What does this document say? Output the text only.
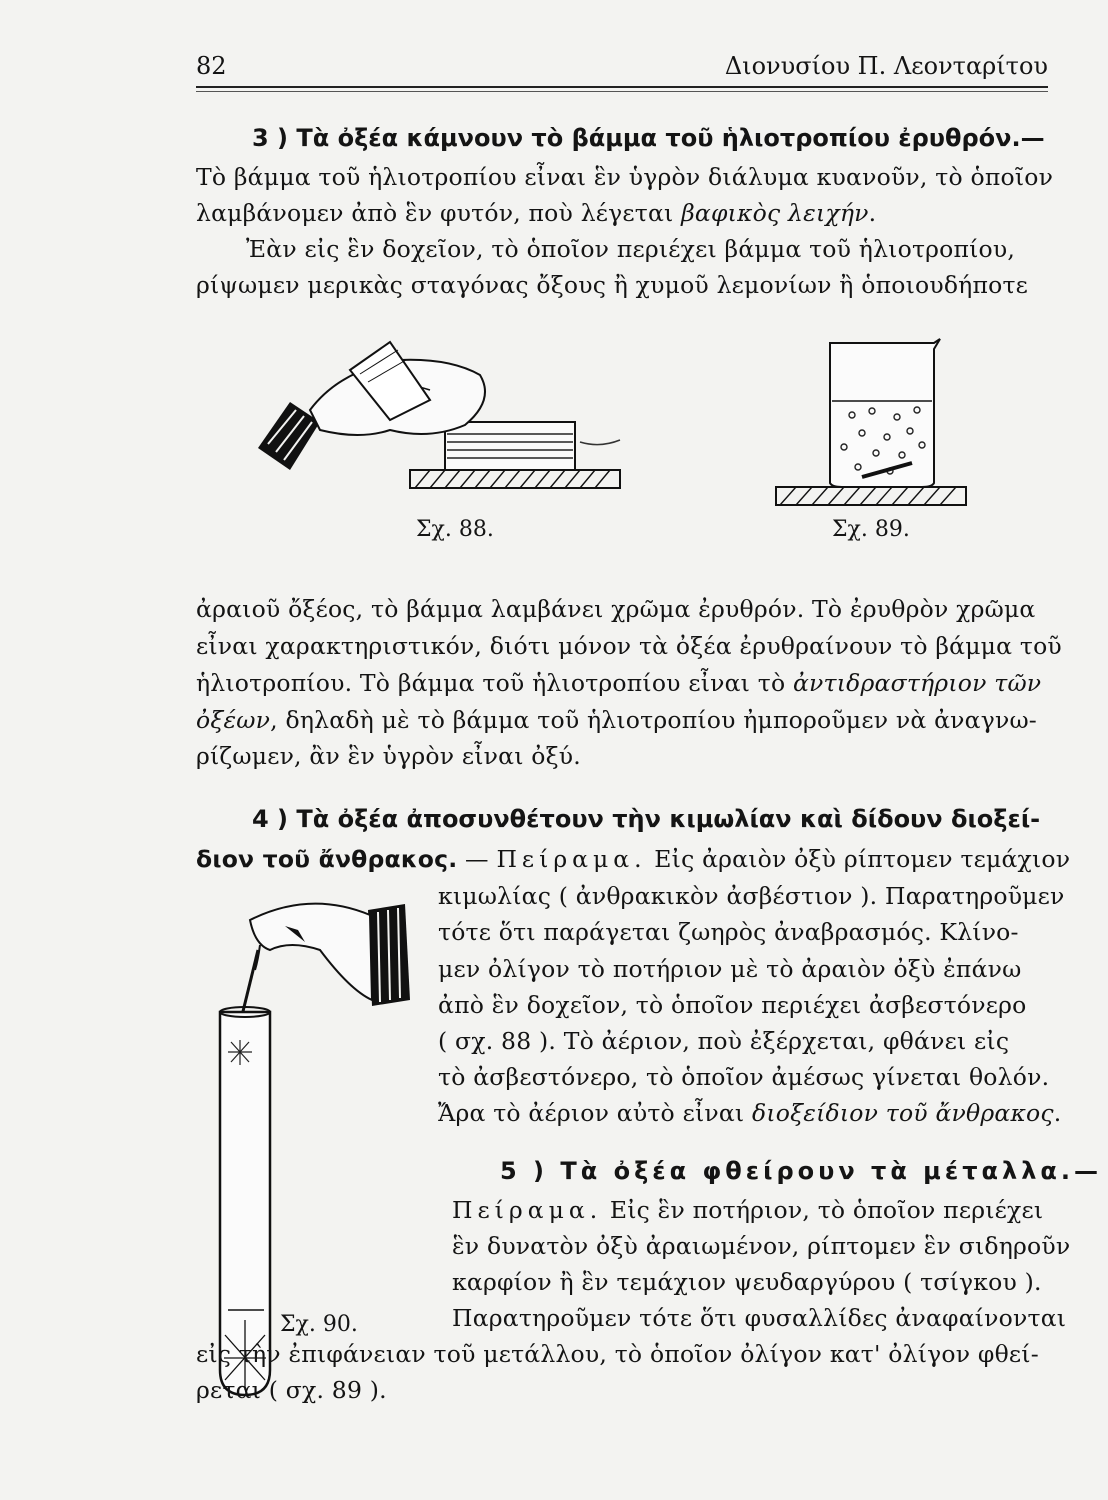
82	Διονυσίου Π. Λεονταρίτου
3 ) Τὰ ὀξέα κάμνουν τὸ βάμμα τοῦ ἡλιοτροπίου ἐρυθρόν.—
Τὸ βάμμα τοῦ ἡλιοτροπίου εἶναι ἓν ὑγρὸν διάλυμα κυανοῦν, τὸ ὁποῖον
λαμβάνομεν ἀπὸ ἓν φυτόν, ποὺ λέγεται βαφικὸς λειχήν.
Ἐὰν εἰς ἓν δοχεῖον, τὸ ὁποῖον περιέχει βάμμα τοῦ ἡλιοτροπίου,
ρίψωμεν μερικὰς σταγόνας ὄξους ἢ χυμοῦ λεμονίων ἢ ὁποιουδήποτε
Σχ. 88.	Σχ. 89.
ἀραιοῦ ὄξέος, τὸ βάμμα λαμβάνει χρῶμα ἐρυθρόν. Τὸ ἐρυθρὸν χρῶμα
εἶναι χαρακτηριστικόν, διότι μόνον τὰ ὀξέα ἐρυθραίνουν τὸ βάμμα τοῦ
ἡλιοτροπίου. Τὸ βάμμα τοῦ ἡλιοτροπίου εἶναι τὸ ἀντιδραστήριον τῶν
ὀξέων, δηλαδὴ μὲ τὸ βάμμα τοῦ ἡλιοτροπίου ἠμποροῦμεν νὰ ἀναγνω-
ρίζωμεν, ἂν ἓν ὑγρὸν εἶναι ὀξύ.
4 ) Τὰ ὀξέα ἀποσυνθέτουν τὴν κιμωλίαν καὶ δίδουν διοξεί-
διον τοῦ ἄνθρακος. — Πείραμα. Εἰς ἀραιὸν ὀξὺ ρίπτομεν τεμάχιον
κιμωλίας ( ἀνθρακικὸν ἀσβέστιον ). Παρατηροῦμεν
τότε ὅτι παράγεται ζωηρὸς ἀναβρασμός. Κλίνο-
μεν ὀλίγον τὸ ποτήριον μὲ τὸ ἀραιὸν ὀξὺ ἐπάνω
ἀπὸ ἓν δοχεῖον, τὸ ὁποῖον περιέχει ἀσβεστόνερο
( σχ. 88 ). Τὸ ἀέριον, ποὺ ἐξέρχεται, φθάνει εἰς
τὸ ἀσβεστόνερο, τὸ ὁποῖον ἀμέσως γίνεται θολόν.
Ἄρα τὸ ἀέριον αὐτὸ εἶναι διοξείδιον τοῦ ἄνθρακος.
Σχ. 90.
5 ) Τὰ ὀξέα φθείρουν τὰ μέταλλα.—
Πείραμα. Εἰς ἓν ποτήριον, τὸ ὁποῖον περιέχει
ἓν δυνατὸν ὀξὺ ἀραιωμένον, ρίπτομεν ἓν σιδηροῦν
καρφίον ἢ ἓν τεμάχιον ψευδαργύρου ( τσίγκου ).
Παρατηροῦμεν τότε ὅτι φυσαλλίδες ἀναφαίνονται
εἰς τὴν ἐπιφάνειαν τοῦ μετάλλου, τὸ ὁποῖον ὀλίγον κατ' ὀλίγον φθεί-
ρεται ( σχ. 89 ).
